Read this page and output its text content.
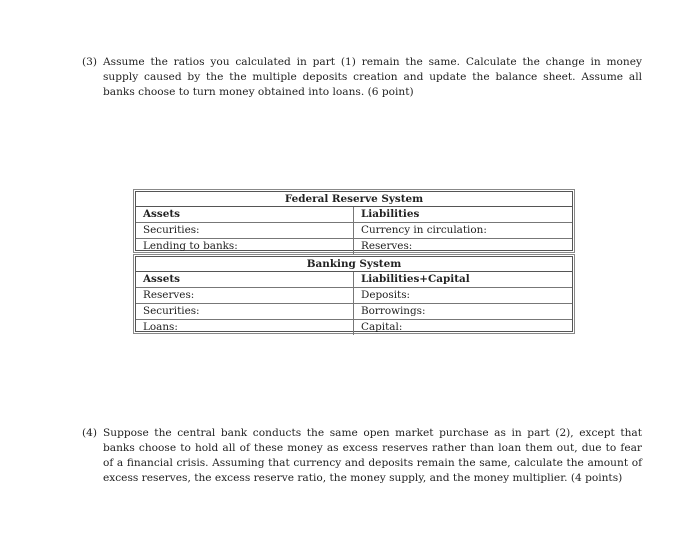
(3) Assume the ratios you calculated in part (1) remain the same. Calculate the change in money supply caused by the the multiple deposits creation and update the balance sheet. Assume all banks choose to turn money obtained into loans. (6 point)
Federal Reserve System
Assets	Liabilities
Securities:	Currency in circulation:
Lending to banks:	Reserves:
Banking System
Assets	Liabilities+Capital
Reserves:	Deposits:
Securities:	Borrowings:
Loans:	Capital:
(4) Suppose the central bank conducts the same open market purchase as in part (2), except that banks choose to hold all of these money as excess reserves rather than loan them out, due to fear of a financial crisis. Assuming that currency and deposits remain the same, calculate the amount of excess reserves, the excess reserve ratio, the money supply, and the money multiplier. (4 points)
